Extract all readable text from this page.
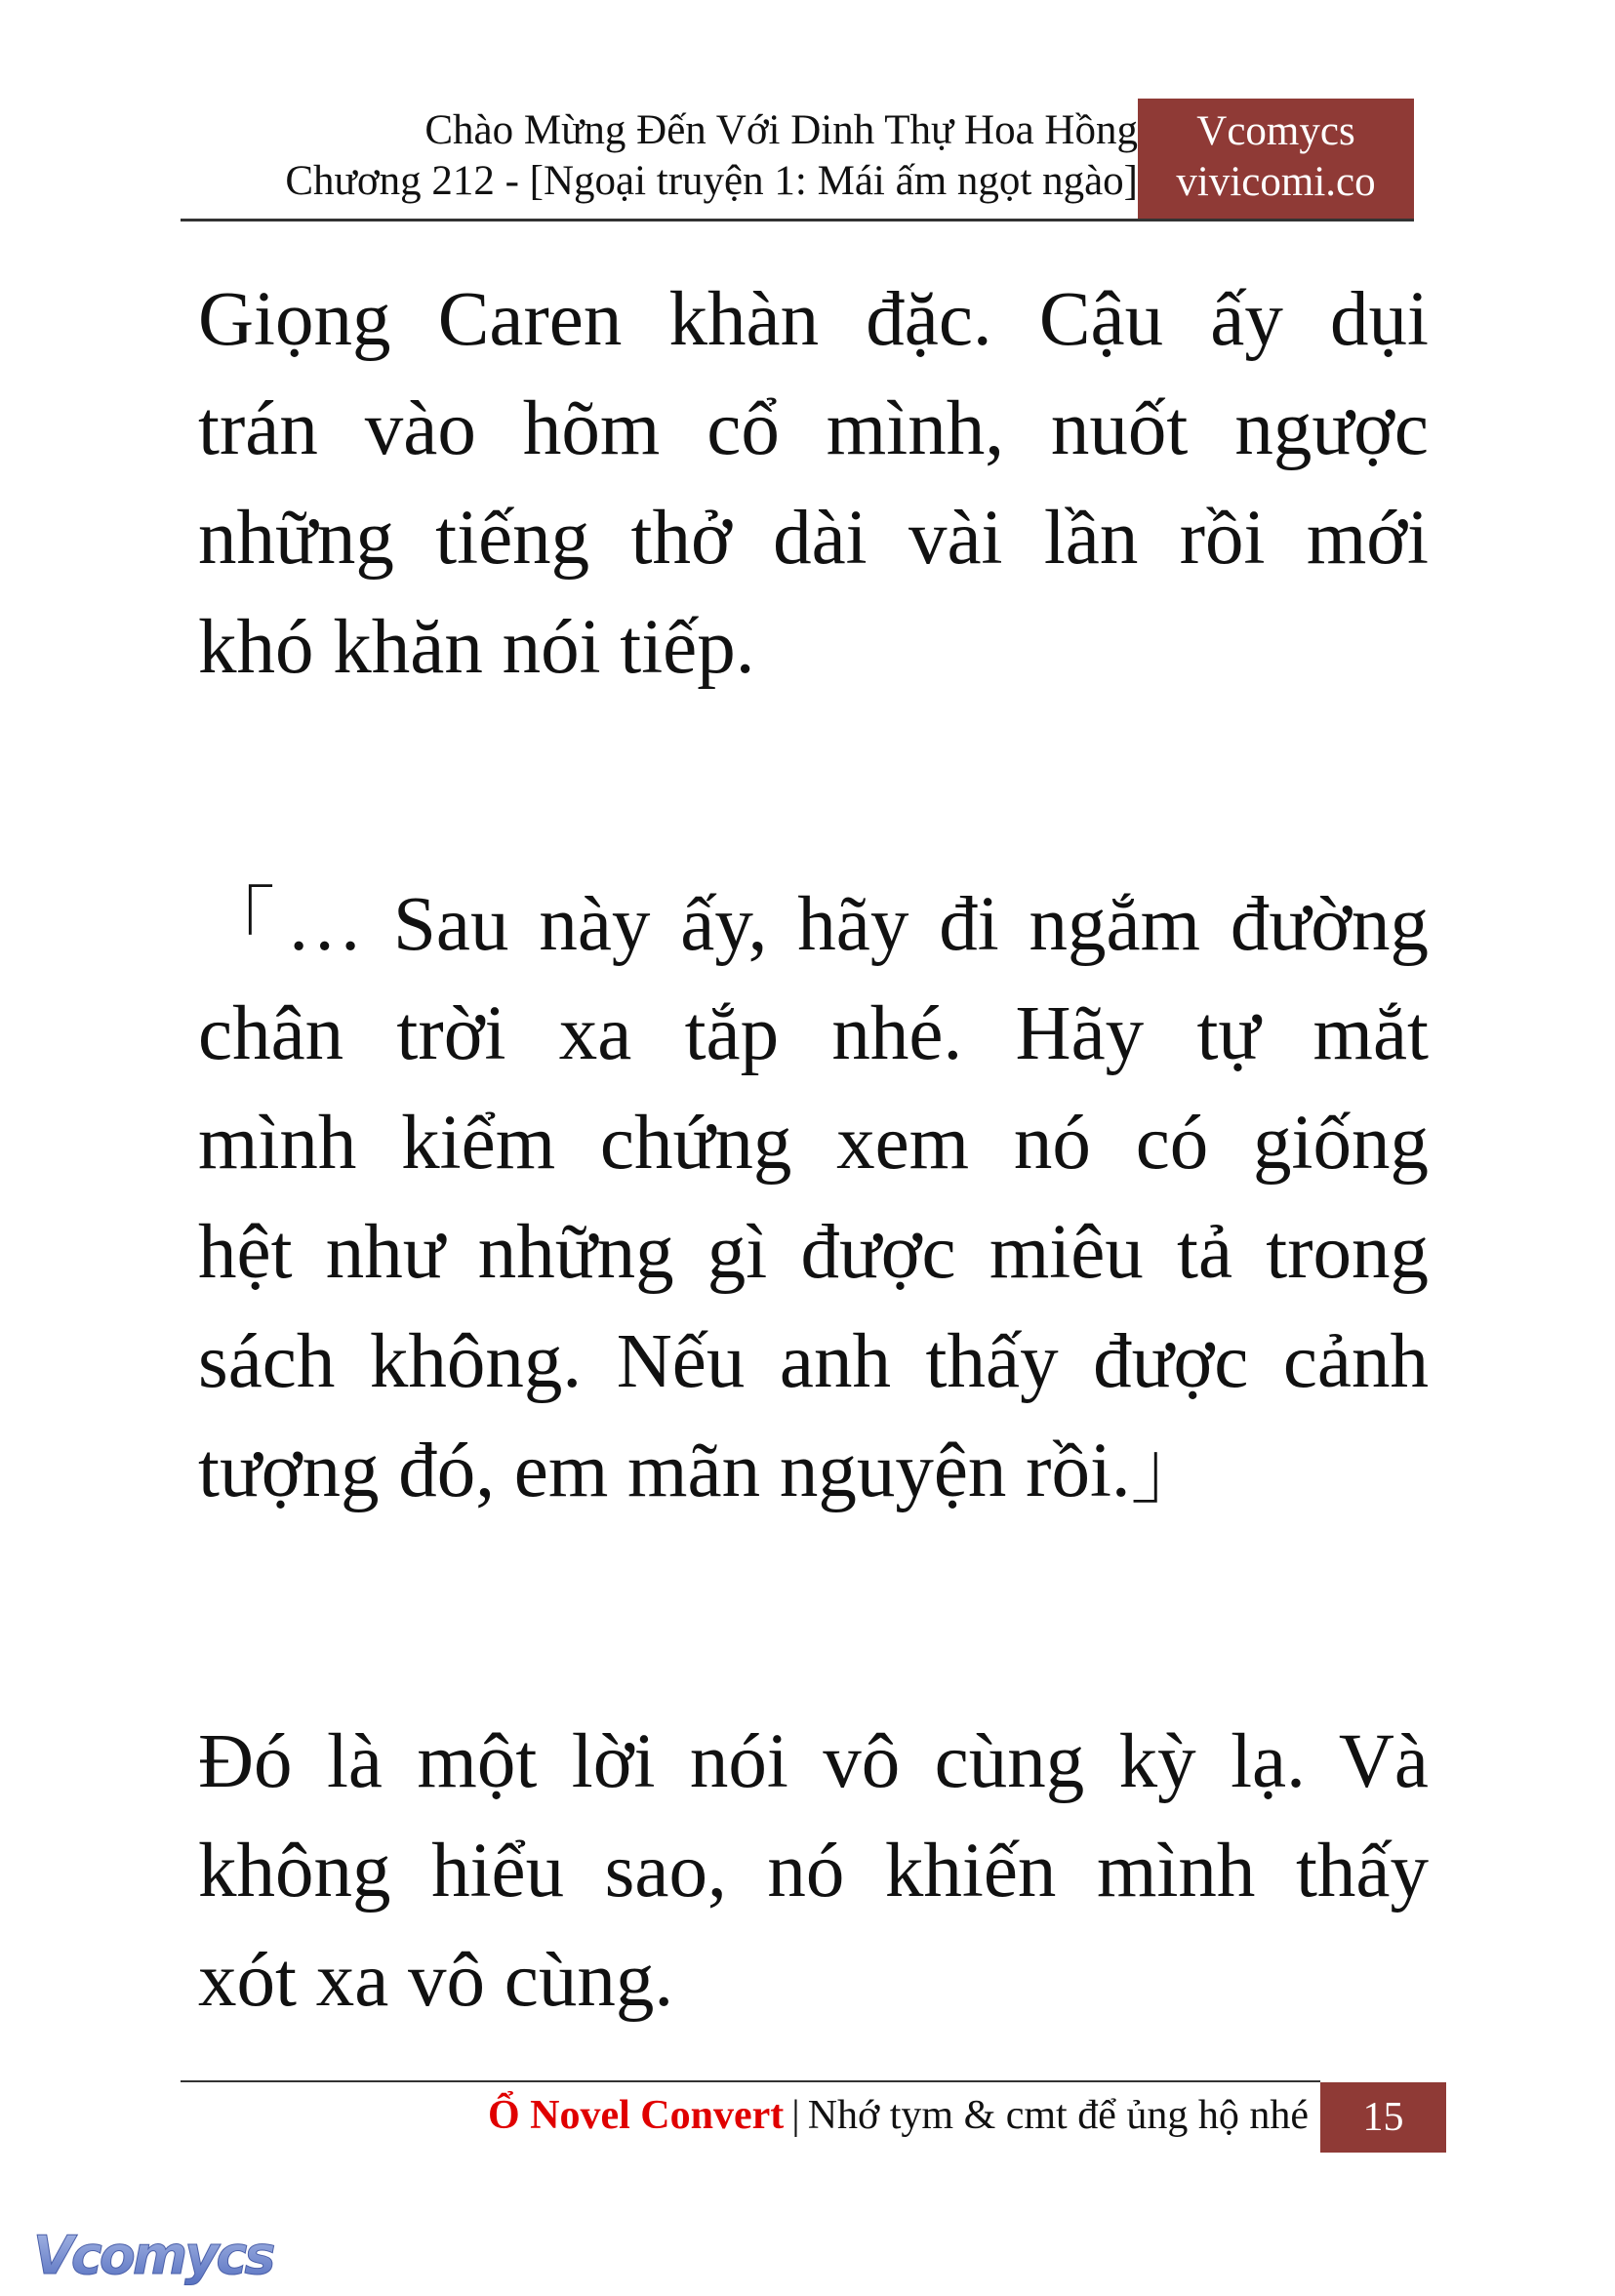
Chào Mừng Đến Với Dinh Thự Hoa Hồng
Chương 212 - [Ngoại truyện 1: Mái ấm ngọt ngào]
Vcomycs
vivicomi.co
Giọng Caren khàn đặc. Cậu ấy dụi
trán vào hõm cổ mình, nuốt ngược
những tiếng thở dài vài lần rồi mới
khó khăn nói tiếp.
「… Sau này ấy, hãy đi ngắm đường
chân trời xa tắp nhé. Hãy tự mắt
mình kiểm chứng xem nó có giống
hệt như những gì được miêu tả trong
sách không. Nếu anh thấy được cảnh
tượng đó, em mãn nguyện rồi.」
Đó là một lời nói vô cùng kỳ lạ. Và
không hiểu sao, nó khiến mình thấy
xót xa vô cùng.
Ổ Novel Convert | Nhớ tym & cmt để ủng hộ nhé	15
Vcomycs
